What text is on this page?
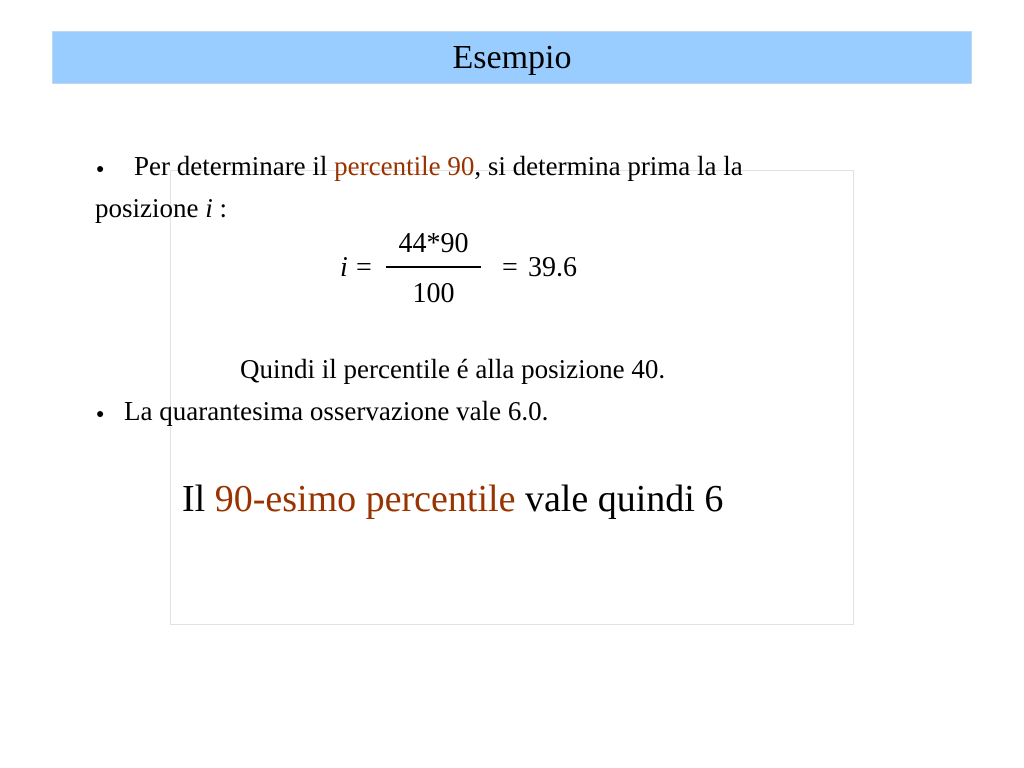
Esempio
● Per determinare il percentile 90, si determina prima la la
posizione i :
i =
44*90
100
= 39.6
Quindi il percentile é alla posizione 40.
● La quarantesima osservazione vale 6.0.
Il 90-esimo percentile vale quindi 6
